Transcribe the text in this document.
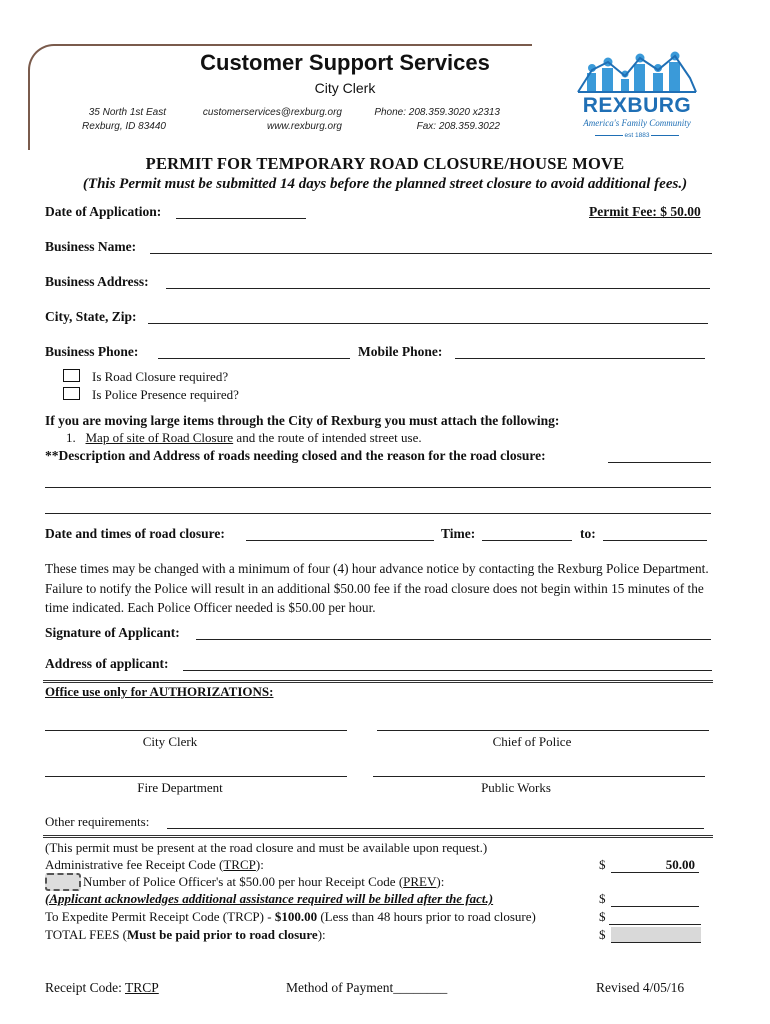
Customer Support Services
City Clerk
35 North 1st East
Rexburg, ID 83440
customerservices@rexburg.org
www.rexburg.org
Phone: 208.359.3020 x2313
Fax: 208.359.3022
REXBURG
America's Family Community
est 1883
PERMIT FOR TEMPORARY ROAD CLOSURE/HOUSE MOVE
(This Permit must be submitted 14 days before the planned street closure to avoid additional fees.)
Date of Application:	Permit Fee: $ 50.00
Business Name:
Business Address:
City, State, Zip:
Business Phone:	Mobile Phone:
Is Road Closure required?
Is Police Presence required?
If you are moving large items through the City of Rexburg you must attach the following:
1. Map of site of Road Closure and the route of intended street use.
**Description and Address of roads needing closed and the reason for the road closure:
Date and times of road closure:	Time:	to:
These times may be changed with a minimum of four (4) hour advance notice by contacting the Rexburg Police Department. Failure to notify the Police will result in an additional $50.00 fee if the road closure does not begin within 15 minutes of the time indicated. Each Police Officer needed is $50.00 per hour.
Signature of Applicant:
Address of applicant:
Office use only for AUTHORIZATIONS:
City Clerk	Chief of Police
Fire Department	Public Works
Other requirements:
(This permit must be present at the road closure and must be available upon request.)
Administrative fee Receipt Code (TRCP):	$	50.00
Number of Police Officer's at $50.00 per hour Receipt Code (PREV):
(Applicant acknowledges additional assistance required will be billed after the fact.)	$
To Expedite Permit Receipt Code (TRCP) - $100.00 (Less than 48 hours prior to road closure)	$
TOTAL FEES (Must be paid prior to road closure):	$
Receipt Code: TRCP	Method of Payment________	Revised 4/05/16
